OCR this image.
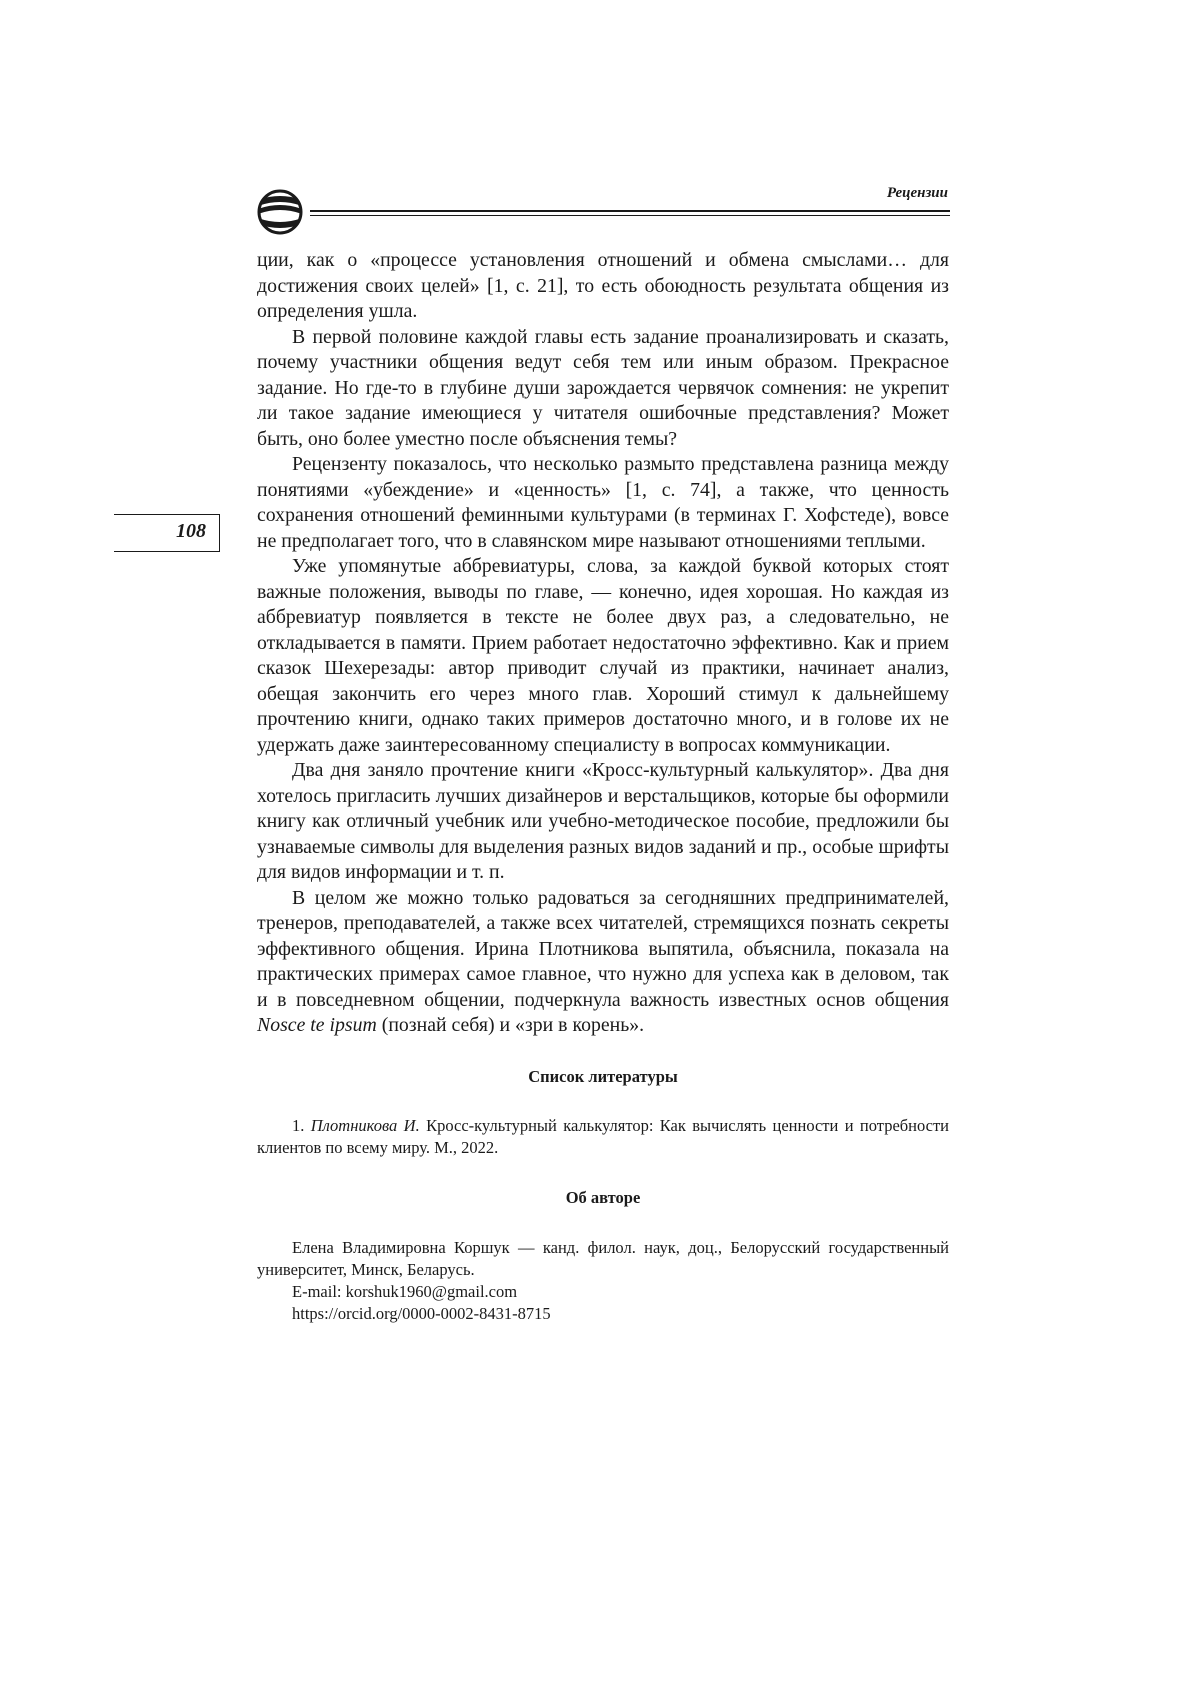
Рецензии
108

ции, как о «процессе установления отношений и обмена смыслами… для достижения своих целей» [1, с. 21], то есть обоюдность результата общения из определения ушла.

В первой половине каждой главы есть задание проанализировать и сказать, почему участники общения ведут себя тем или иным образом. Прекрасное задание. Но где-то в глубине души зарождается червячок сомнения: не укрепит ли такое задание имеющиеся у читателя ошибочные представления? Может быть, оно более уместно после объяснения темы?

Рецензенту показалось, что несколько размыто представлена разница между понятиями «убеждение» и «ценность» [1, с. 74], а также, что ценность сохранения отношений феминными культурами (в терминах Г. Хофстеде), вовсе не предполагает того, что в славянском мире называют отношениями теплыми.

Уже упомянутые аббревиатуры, слова, за каждой буквой которых стоят важные положения, выводы по главе, — конечно, идея хорошая. Но каждая из аббревиатур появляется в тексте не более двух раз, а следовательно, не откладывается в памяти. Прием работает недостаточно эффективно. Как и прием сказок Шехерезады: автор приводит случай из практики, начинает анализ, обещая закончить его через много глав. Хороший стимул к дальнейшему прочтению книги, однако таких примеров достаточно много, и в голове их не удержать даже заинтересованному специалисту в вопросах коммуникации.

Два дня заняло прочтение книги «Кросс-культурный калькулятор». Два дня хотелось пригласить лучших дизайнеров и верстальщиков, которые бы оформили книгу как отличный учебник или учебно-методическое пособие, предложили бы узнаваемые символы для выделения разных видов заданий и пр., особые шрифты для видов информации и т. п.

В целом же можно только радоваться за сегодняшних предпринимателей, тренеров, преподавателей, а также всех читателей, стремящихся познать секреты эффективного общения. Ирина Плотникова выпятила, объяснила, показала на практических примерах самое главное, что нужно для успеха как в деловом, так и в повседневном общении, подчеркнула важность известных основ общения Nosce te ipsum (познай себя) и «зри в корень».

Список литературы
1. Плотникова И. Кросс-культурный калькулятор: Как вычислять ценности и потребности клиентов по всему миру. М., 2022.
Об авторе
Елена Владимировна Коршук — канд. филол. наук, доц., Белорусский государственный университет, Минск, Беларусь.
E-mail: korshuk1960@gmail.com
https://orcid.org/0000-0002-8431-8715
